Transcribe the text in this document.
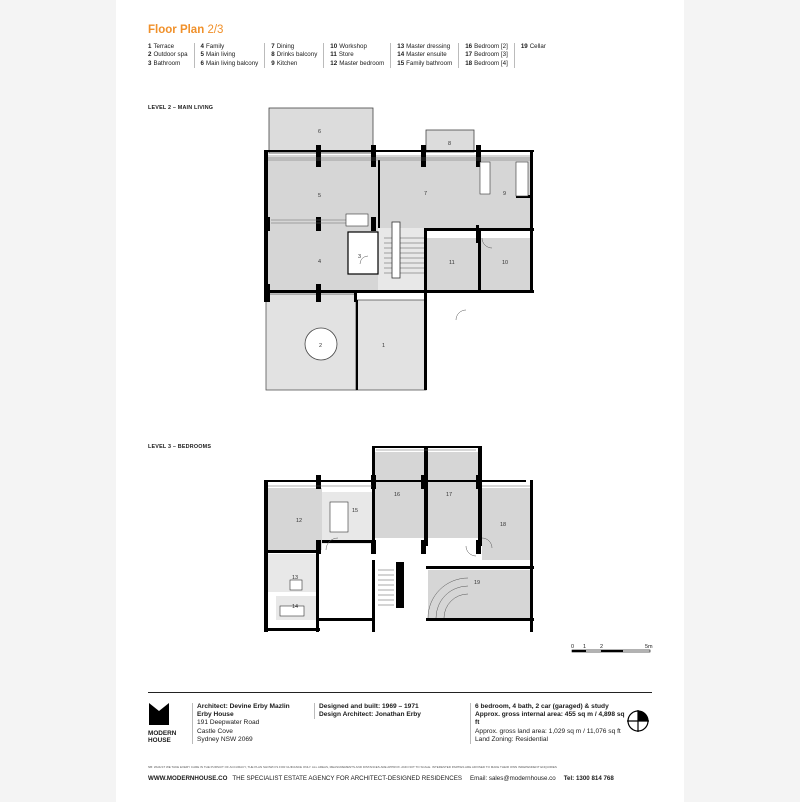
Floor Plan 2/3
1 Terrace
2 Outdoor spa
3 Bathroom
4 Family
5 Main living
6 Main living balcony
7 Dining
8 Drinks balcony
9 Kitchen
10 Workshop
11 Store
12 Master bedroom
13 Master dressing
14 Master ensuite
15 Family bathroom
16 Bedroom [2]
17 Bedroom [3]
18 Bedroom [4]
19 Cellar
LEVEL 2 – MAIN LIVING
1
2
3
4
5
6
7
8
9
10
11
LEVEL 3 – BEDROOMS
12
13
14
15
16	17
18
19
0 1	2	5m
MODERN
HOUSE
Architect: Devine Erby Mazlin
Erby House
191 Deepwater Road
Castle Cove
Sydney NSW 2069
Designed and built: 1969 – 1971
Design Architect: Jonathan Erby
6 bedroom, 4 bath, 2 car (garaged) & study
Approx. gross internal area: 455 sq m / 4,898 sq ft
Approx. gross land area: 1,029 sq m / 11,076 sq ft
Land Zoning: Residential
NB: WHILST WE TAKE EVERY CARE IN THE PURSUIT OF ACCURACY, THE PLAN SHOWN IS FOR GUIDANCE ONLY. ALL AREAS, MEASUREMENTS AND DISTANCES ARE APPROX. AND NOT TO SCALE. INTERESTED PARTIES ARE ADVISED TO MAKE THEIR OWN INDEPENDENT ENQUIRIES
WWW.MODERNHOUSE.CO THE SPECIALIST ESTATE AGENCY FOR ARCHITECT-DESIGNED RESIDENCES Email: sales@modernhouse.co Tel: 1300 814 768
